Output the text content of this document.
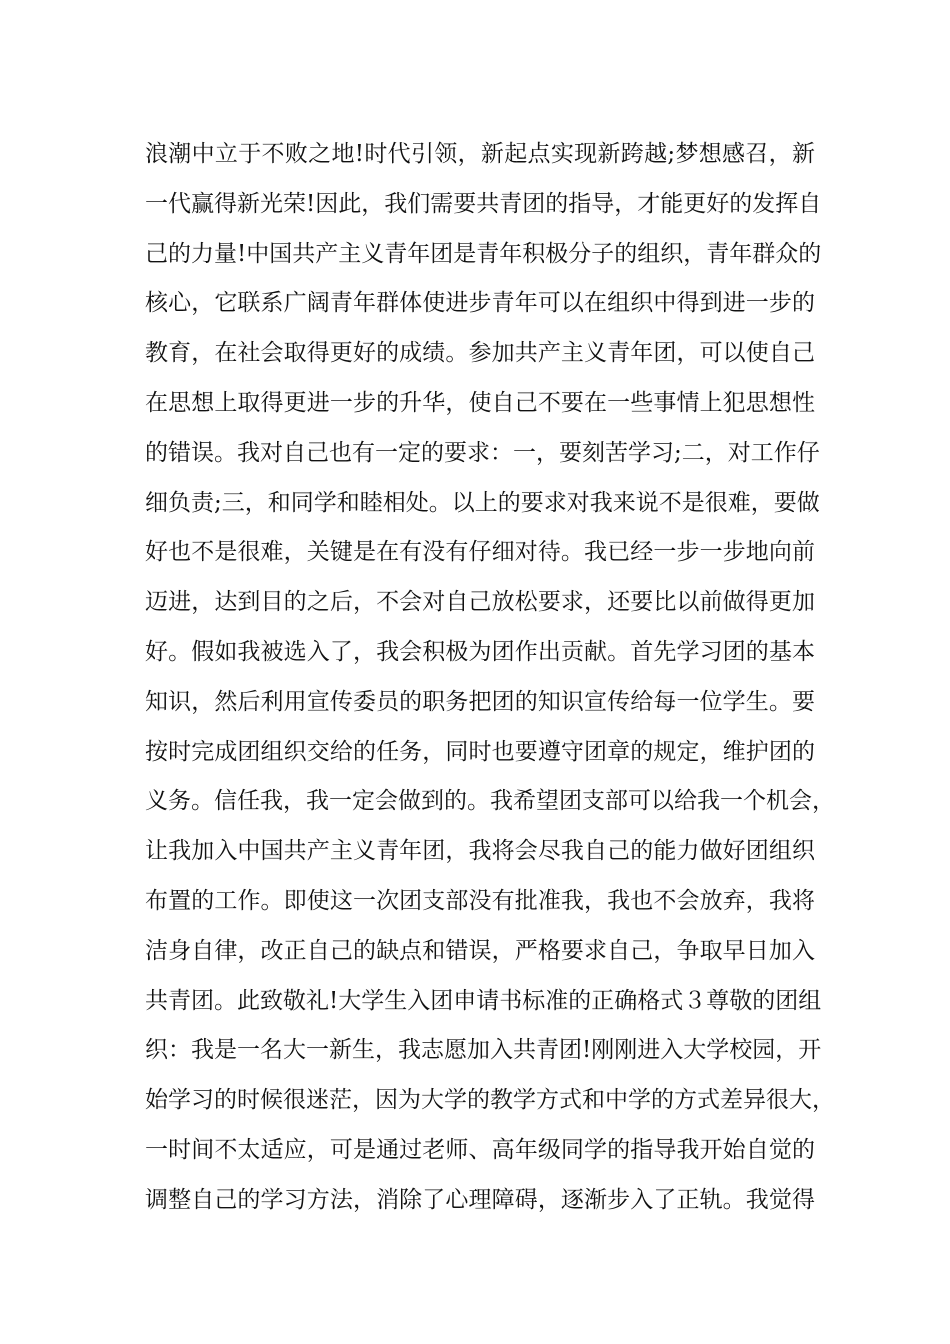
浪潮中立于不败之地!时代引领，新起点实现新跨越;梦想感召，新
一代赢得新光荣!因此，我们需要共青团的指导，才能更好的发挥自
己的力量!中国共产主义青年团是青年积极分子的组织，青年群众的
核心，它联系广阔青年群体使进步青年可以在组织中得到进一步的
教育，在社会取得更好的成绩。参加共产主义青年团，可以使自己
在思想上取得更进一步的升华，使自己不要在一些事情上犯思想性
的错误。我对自己也有一定的要求：一，要刻苦学习;二，对工作仔
细负责;三，和同学和睦相处。以上的要求对我来说不是很难，要做
好也不是很难，关键是在有没有仔细对待。我已经一步一步地向前
迈进，达到目的之后，不会对自己放松要求，还要比以前做得更加
好。假如我被选入了，我会积极为团作出贡献。首先学习团的基本
知识，然后利用宣传委员的职务把团的知识宣传给每一位学生。要
按时完成团组织交给的任务，同时也要遵守团章的规定，维护团的
义务。信任我，我一定会做到的。我希望团支部可以给我一个机会，
让我加入中国共产主义青年团，我将会尽我自己的能力做好团组织
布置的工作。即使这一次团支部没有批准我，我也不会放弃，我将
洁身自律，改正自己的缺点和错误，严格要求自己，争取早日加入
共青团。此致敬礼!大学生入团申请书标准的正确格式３尊敬的团组
织：我是一名大一新生，我志愿加入共青团!刚刚进入大学校园，开
始学习的时候很迷茫，因为大学的教学方式和中学的方式差异很大，
一时间不太适应，可是通过老师、高年级同学的指导我开始自觉的
调整自己的学习方法，消除了心理障碍，逐渐步入了正轨。我觉得
